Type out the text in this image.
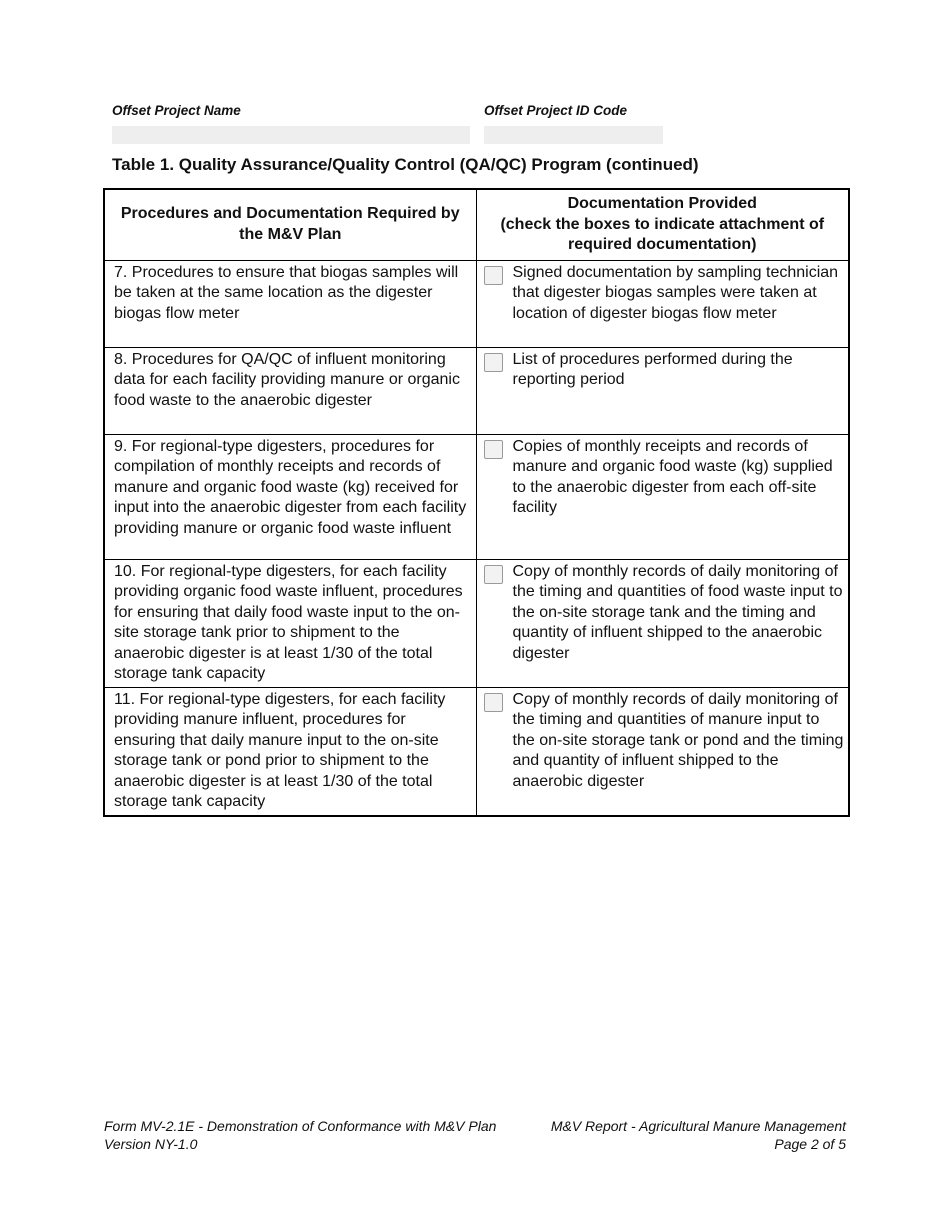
Offset Project Name	Offset Project ID Code
Table 1. Quality Assurance/Quality Control (QA/QC) Program (continued)
Procedures and Documentation Required by the M&V Plan	Documentation Provided
(check the boxes to indicate attachment of required documentation)

7. Procedures to ensure that biogas samples will be taken at the same location as the digester biogas flow meter	Signed documentation by sampling technician that digester biogas samples were taken at location of digester biogas flow meter

8. Procedures for QA/QC of influent monitoring data for each facility providing manure or organic food waste to the anaerobic digester	List of procedures performed during the reporting period

9. For regional-type digesters, procedures for compilation of monthly receipts and records of manure and organic food waste (kg) received for input into the anaerobic digester from each facility providing manure or organic food waste influent	Copies of monthly receipts and records of manure and organic food waste (kg) supplied to the anaerobic digester from each off-site facility

10. For regional-type digesters, for each facility providing organic food waste influent, procedures for ensuring that daily food waste input to the on-site storage tank prior to shipment to the anaerobic digester is at least 1/30 of the total storage tank capacity	Copy of monthly records of daily monitoring of the timing and quantities of food waste input to the on-site storage tank and the timing and quantity of influent shipped to the anaerobic digester

11. For regional-type digesters, for each facility providing manure influent, procedures for ensuring that daily manure input to the on-site storage tank or pond prior to shipment to the anaerobic digester is at least 1/30 of the total storage tank capacity	Copy of monthly records of daily monitoring of the timing and quantities of manure input to the on-site storage tank or pond and the timing and quantity of influent shipped to the anaerobic digester
Form MV-2.1E - Demonstration of Conformance with M&V Plan
Version NY-1.0
M&V Report - Agricultural Manure Management
Page 2 of 5
